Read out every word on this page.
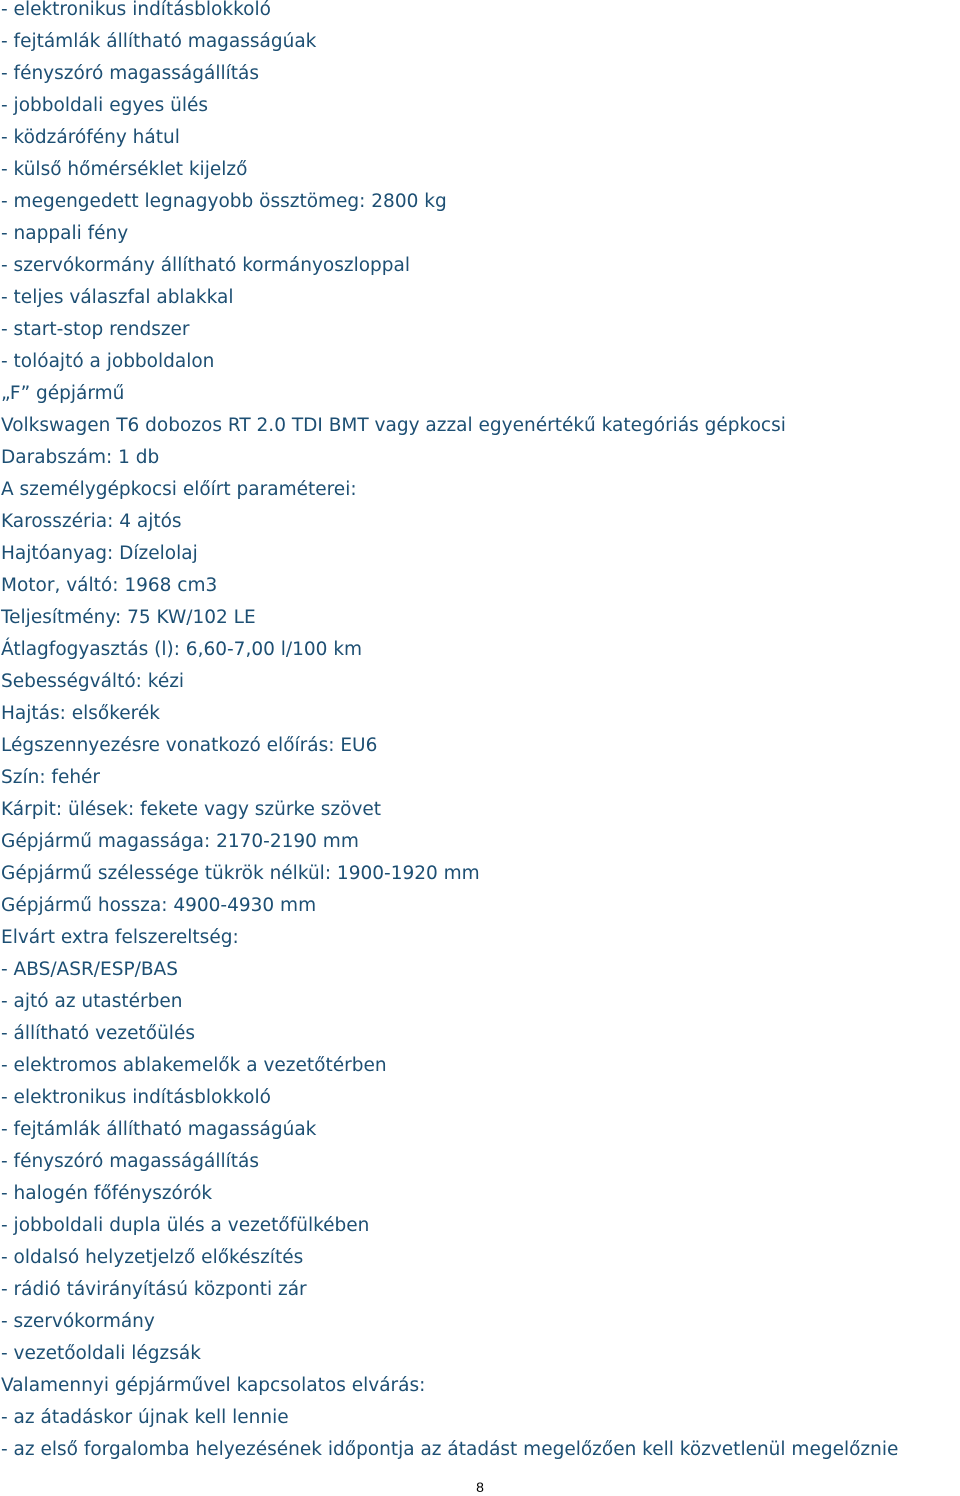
- elektronikus indításblokkoló
- fejtámlák állítható magasságúak
- fényszóró magasságállítás
- jobboldali egyes ülés
- ködzárófény hátul
- külső hőmérséklet kijelző
- megengedett legnagyobb össztömeg: 2800 kg
- nappali fény
- szervókormány állítható kormányoszloppal
- teljes válaszfal ablakkal
- start-stop rendszer
- tolóajtó a jobboldalon
„F” gépjármű
Volkswagen T6 dobozos RT 2.0 TDI BMT vagy azzal egyenértékű kategóriás gépkocsi
Darabszám: 1 db
A személygépkocsi előírt paraméterei:
Karosszéria: 4 ajtós
Hajtóanyag: Dízelolaj
Motor, váltó: 1968 cm3
Teljesítmény: 75 KW/102 LE
Átlagfogyasztás (l): 6,60-7,00 l/100 km
Sebességváltó: kézi
Hajtás: elsőkerék
Légszennyezésre vonatkozó előírás: EU6
Szín: fehér
Kárpit: ülések: fekete vagy szürke szövet
Gépjármű magassága: 2170-2190 mm
Gépjármű szélessége tükrök nélkül: 1900-1920 mm
Gépjármű hossza: 4900-4930 mm
Elvárt extra felszereltség:
- ABS/ASR/ESP/BAS
- ajtó az utastérben
- állítható vezetőülés
- elektromos ablakemelők a vezetőtérben
- elektronikus indításblokkoló
- fejtámlák állítható magasságúak
- fényszóró magasságállítás
- halogén főfényszórók
- jobboldali dupla ülés a vezetőfülkében
- oldalsó helyzetjelző előkészítés
- rádió távirányítású központi zár
- szervókormány
- vezetőoldali légzsák
Valamennyi gépjárművel kapcsolatos elvárás:
- az átadáskor újnak kell lennie
- az első forgalomba helyezésének időpontja az átadást megelőzően kell közvetlenül megelőznie
8
